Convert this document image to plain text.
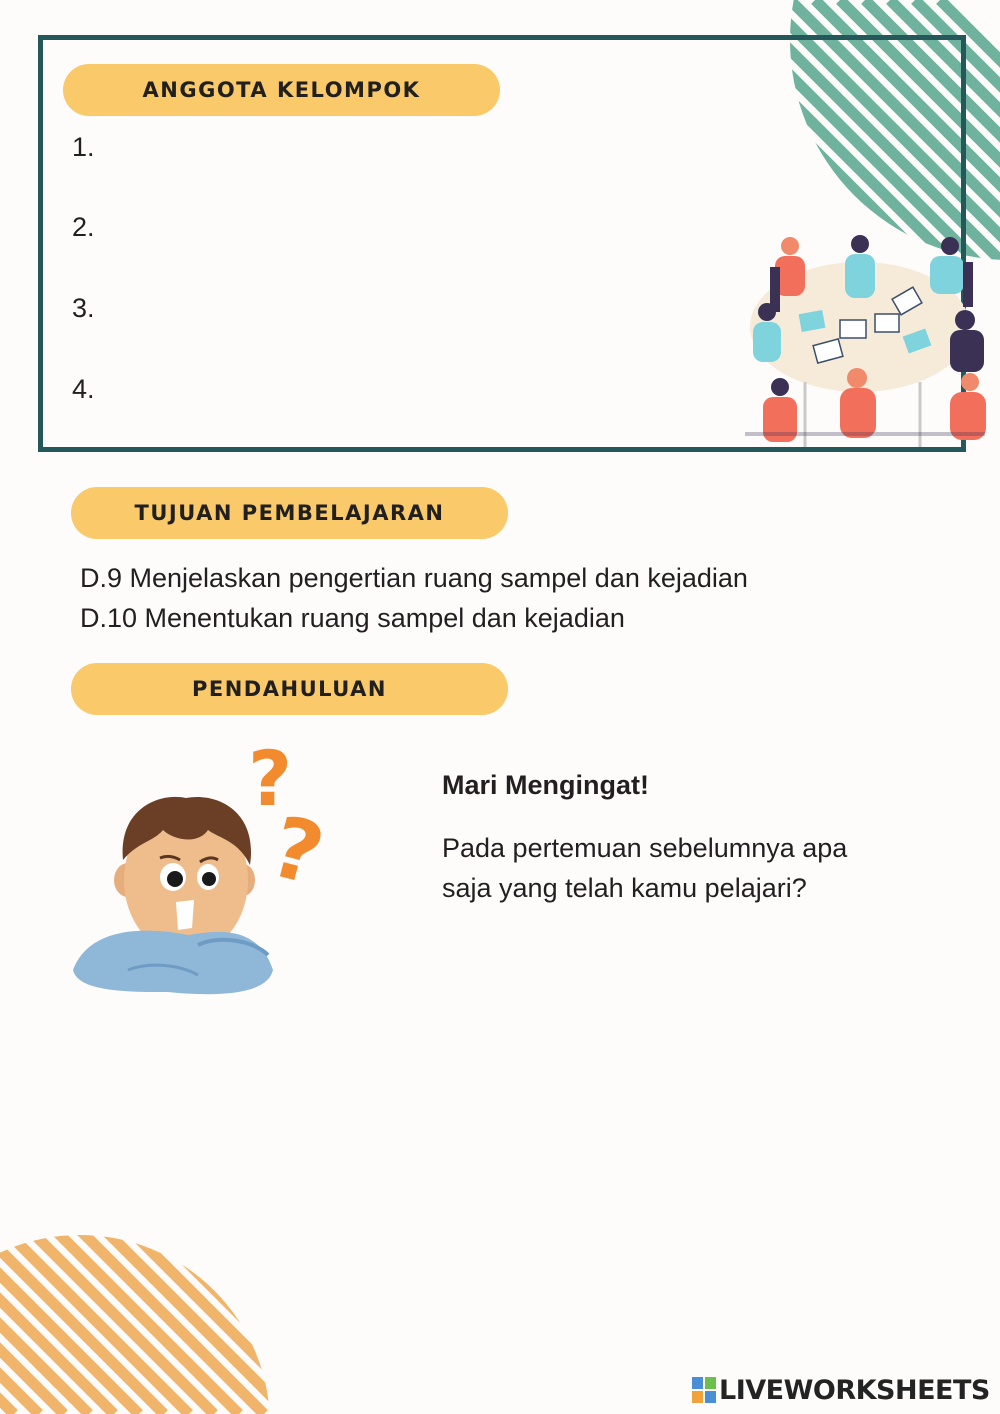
ANGGOTA KELOMPOK
1.
2.
3.
4.
TUJUAN PEMBELAJARAN
D.9 Menjelaskan pengertian ruang sampel dan kejadian
D.10 Menentukan ruang sampel dan kejadian
PENDAHULUAN
?
?
Mari Mengingat!
Pada pertemuan sebelumnya apa saja yang telah kamu pelajari?
LIVEWORKSHEETS
